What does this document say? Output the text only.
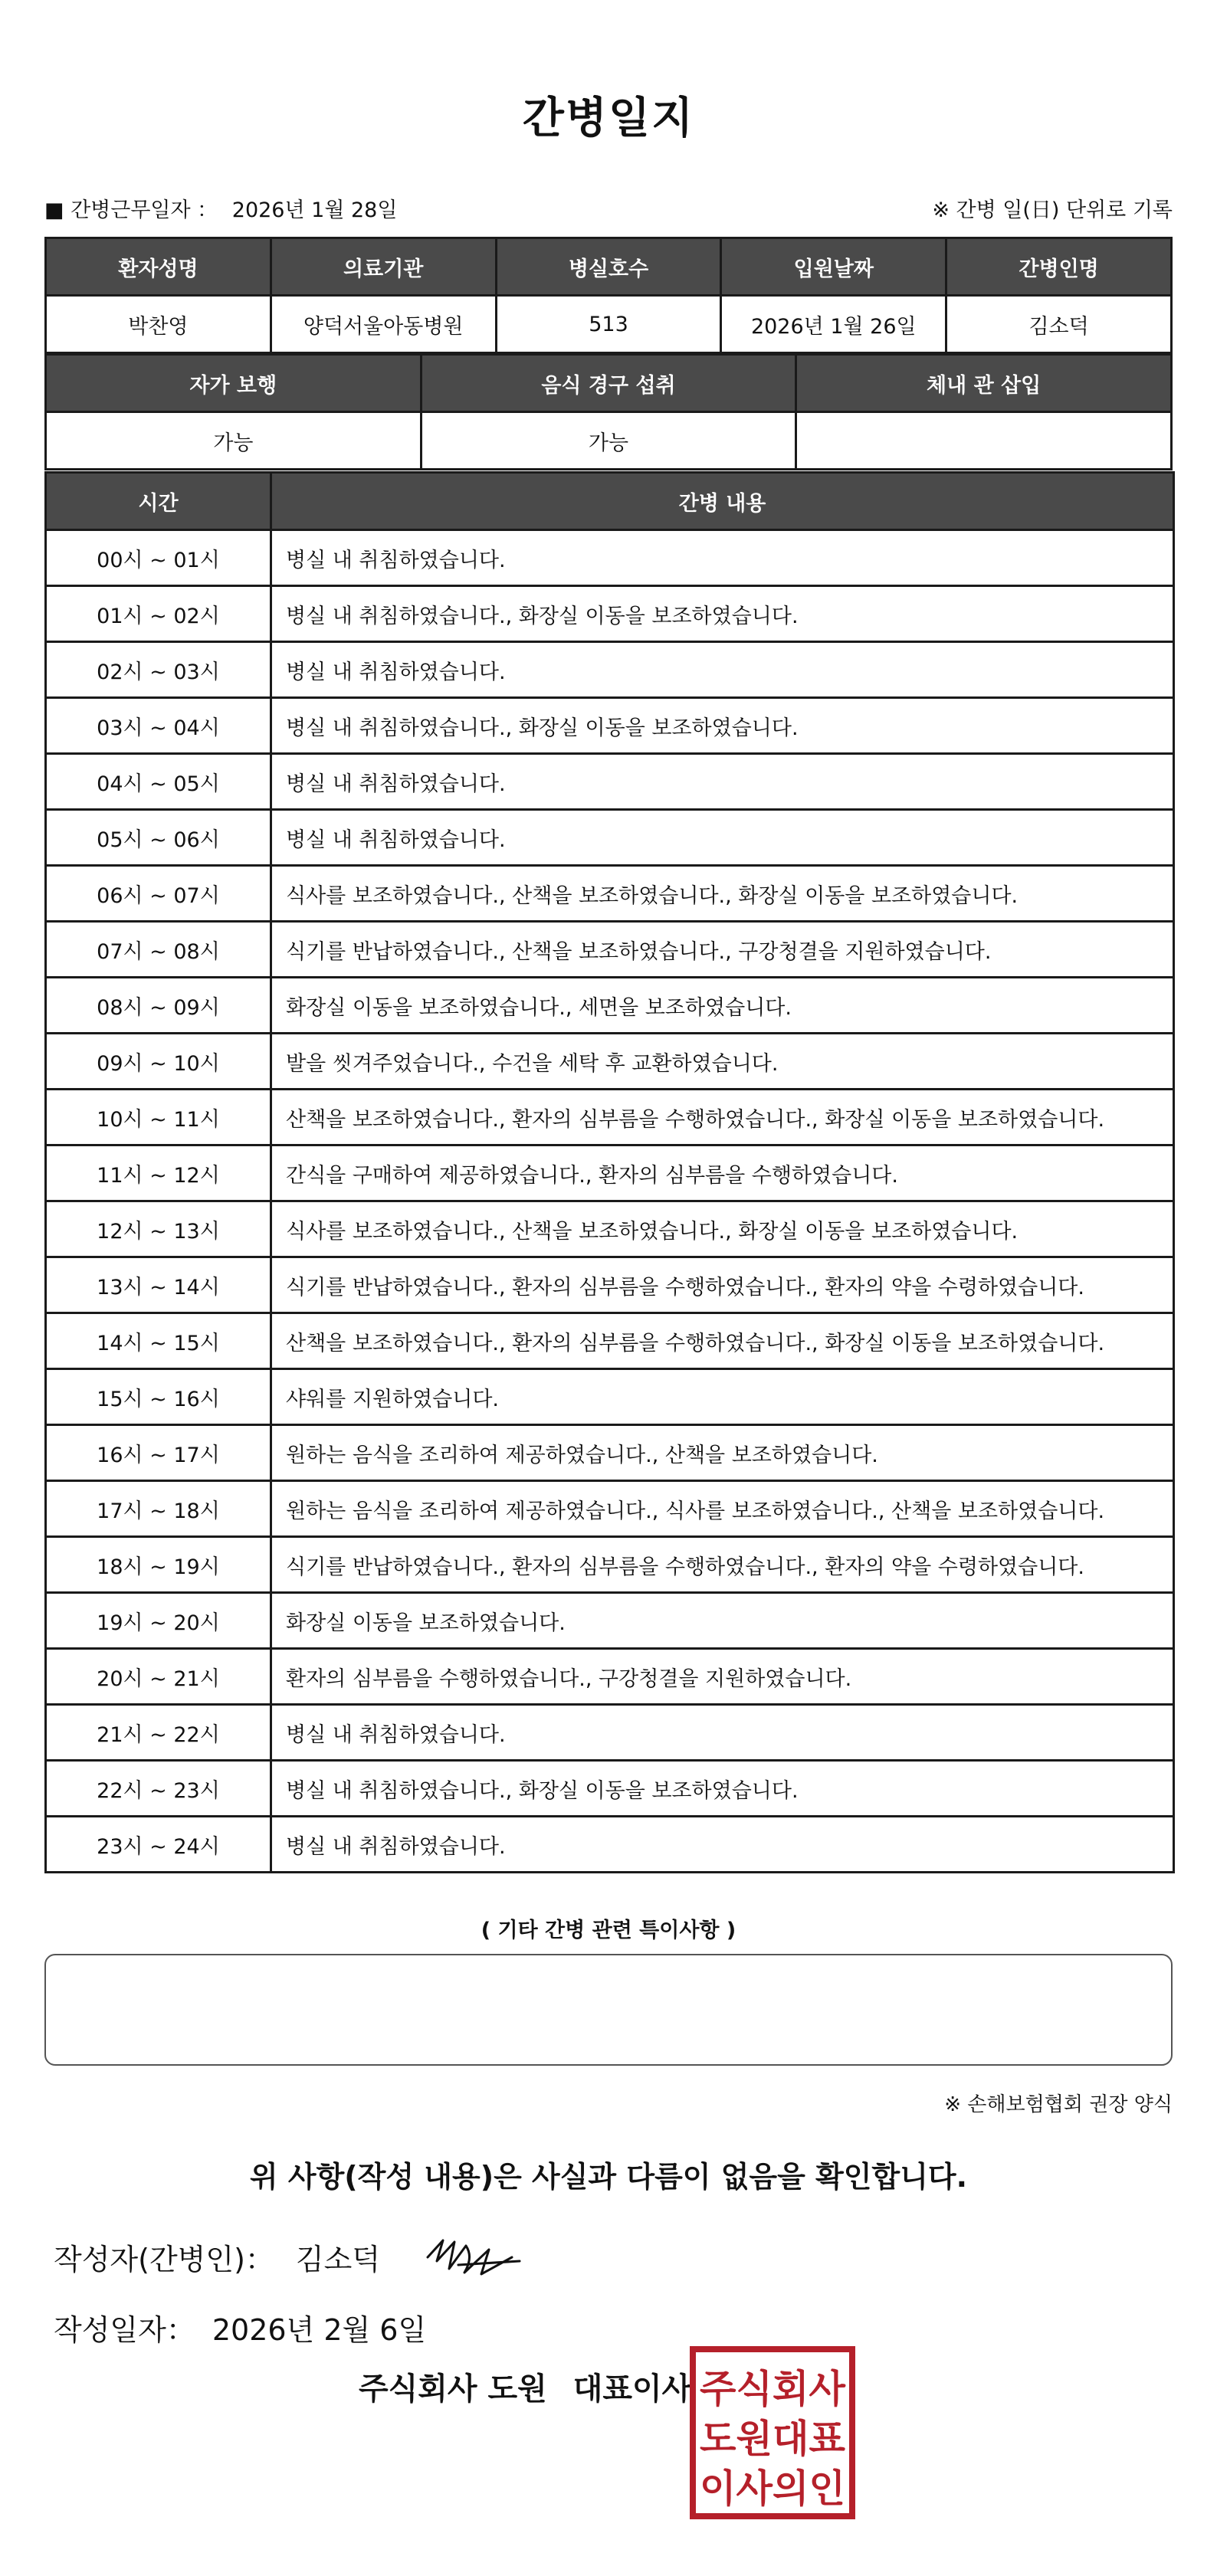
간병일지
■ 간병근무일자 ： 2026년 1월 28일	※ 간병 일(日) 단위로 기록
환자성명	의료기관	병실호수	입원날짜	간병인명
박찬영	양덕서울아동병원	513	2026년 1월 26일	김소덕
자가 보행	음식 경구 섭취	체내 관 삽입
가능	가능	
시간	간병 내용
00시 ~ 01시	병실 내 취침하였습니다.
01시 ~ 02시	병실 내 취침하였습니다., 화장실 이동을 보조하였습니다.
02시 ~ 03시	병실 내 취침하였습니다.
03시 ~ 04시	병실 내 취침하였습니다., 화장실 이동을 보조하였습니다.
04시 ~ 05시	병실 내 취침하였습니다.
05시 ~ 06시	병실 내 취침하였습니다.
06시 ~ 07시	식사를 보조하였습니다., 산책을 보조하였습니다., 화장실 이동을 보조하였습니다.
07시 ~ 08시	식기를 반납하였습니다., 산책을 보조하였습니다., 구강청결을 지원하였습니다.
08시 ~ 09시	화장실 이동을 보조하였습니다., 세면을 보조하였습니다.
09시 ~ 10시	발을 씻겨주었습니다., 수건을 세탁 후 교환하였습니다.
10시 ~ 11시	산책을 보조하였습니다., 환자의 심부름을 수행하였습니다., 화장실 이동을 보조하였습니다.
11시 ~ 12시	간식을 구매하여 제공하였습니다., 환자의 심부름을 수행하였습니다.
12시 ~ 13시	식사를 보조하였습니다., 산책을 보조하였습니다., 화장실 이동을 보조하였습니다.
13시 ~ 14시	식기를 반납하였습니다., 환자의 심부름을 수행하였습니다., 환자의 약을 수령하였습니다.
14시 ~ 15시	산책을 보조하였습니다., 환자의 심부름을 수행하였습니다., 화장실 이동을 보조하였습니다.
15시 ~ 16시	샤워를 지원하였습니다.
16시 ~ 17시	원하는 음식을 조리하여 제공하였습니다., 산책을 보조하였습니다.
17시 ~ 18시	원하는 음식을 조리하여 제공하였습니다., 식사를 보조하였습니다., 산책을 보조하였습니다.
18시 ~ 19시	식기를 반납하였습니다., 환자의 심부름을 수행하였습니다., 환자의 약을 수령하였습니다.
19시 ~ 20시	화장실 이동을 보조하였습니다.
20시 ~ 21시	환자의 심부름을 수행하였습니다., 구강청결을 지원하였습니다.
21시 ~ 22시	병실 내 취침하였습니다.
22시 ~ 23시	병실 내 취침하였습니다., 화장실 이동을 보조하였습니다.
23시 ~ 24시	병실 내 취침하였습니다.
( 기타 간병 관련 특이사항 )
※ 손해보험협회 권장 양식
위 사항(작성 내용)은 사실과 다름이 없음을 확인합니다.
작성자(간병인)： 김소덕
작성일자： 2026년 2월 6일
주식회사 도원 대표이사 주식회사
도원대표
이사의인
